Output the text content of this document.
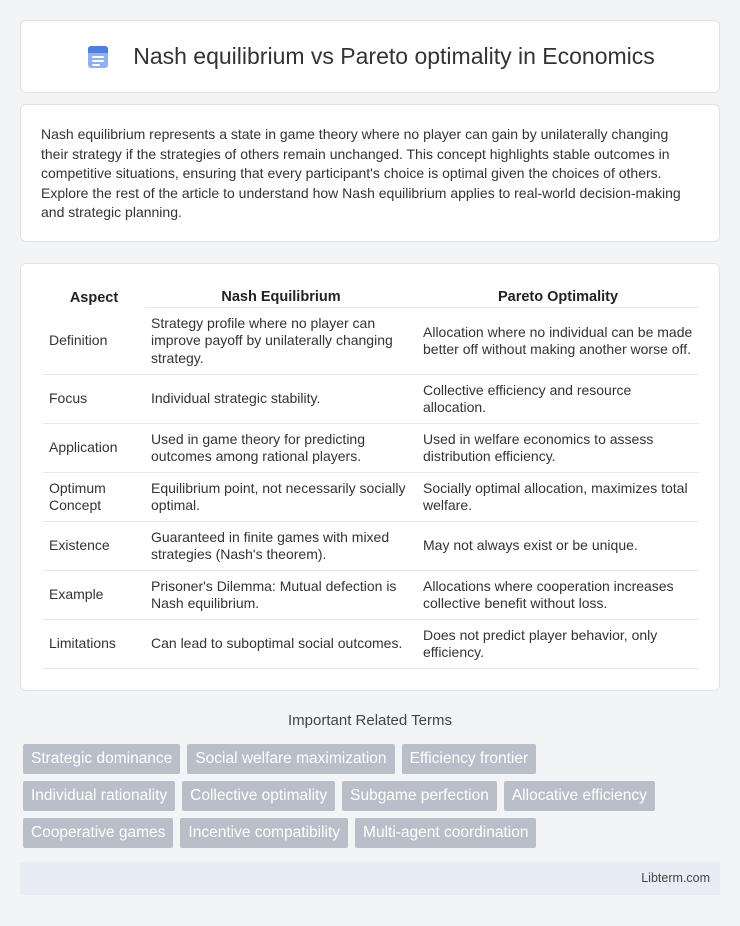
Nash equilibrium vs Pareto optimality in Economics

Nash equilibrium represents a state in game theory where no player can gain by unilaterally changing their strategy if the strategies of others remain unchanged. This concept highlights stable outcomes in competitive situations, ensuring that every participant's choice is optimal given the choices of others. Explore the rest of the article to understand how Nash equilibrium applies to real-world decision-making and strategic planning.

Aspect	Nash Equilibrium	Pareto Optimality
Definition	Strategy profile where no player can improve payoff by unilaterally changing strategy.	Allocation where no individual can be made better off without making another worse off.
Focus	Individual strategic stability.	Collective efficiency and resource allocation.
Application	Used in game theory for predicting outcomes among rational players.	Used in welfare economics to assess distribution efficiency.
Optimum Concept	Equilibrium point, not necessarily socially optimal.	Socially optimal allocation, maximizes total welfare.
Existence	Guaranteed in finite games with mixed strategies (Nash's theorem).	May not always exist or be unique.
Example	Prisoner's Dilemma: Mutual defection is Nash equilibrium.	Allocations where cooperation increases collective benefit without loss.
Limitations	Can lead to suboptimal social outcomes.	Does not predict player behavior, only efficiency.
Important Related Terms
Strategic dominance	Social welfare maximization	Efficiency frontier
Individual rationality	Collective optimality	Subgame perfection	Allocative efficiency
Cooperative games	Incentive compatibility	Multi-agent coordination
Libterm.com
